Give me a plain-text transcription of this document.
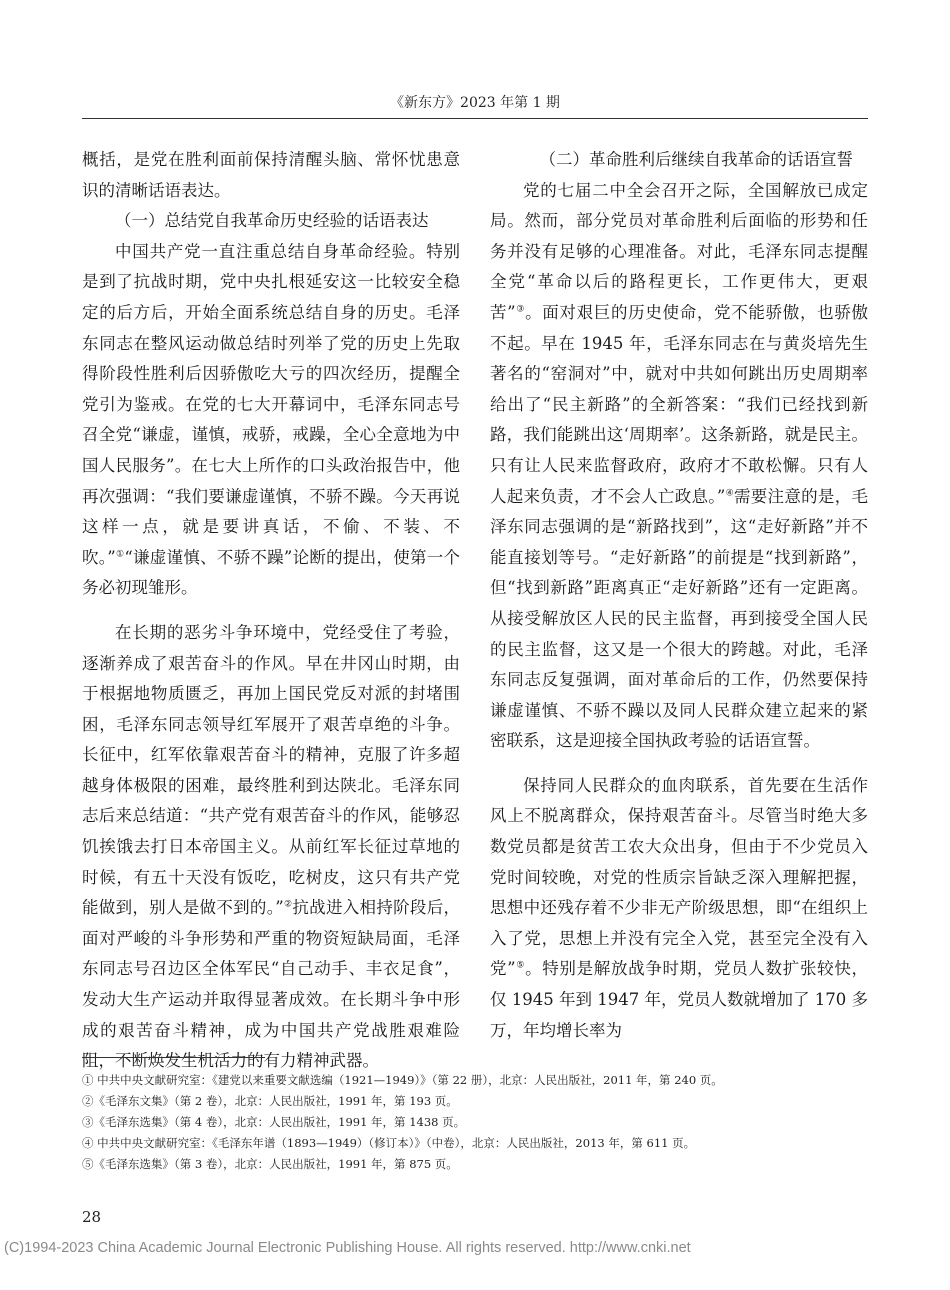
《新东方》2023 年第 1 期

概括，是党在胜利面前保持清醒头脑、常怀忧患意识的清晰话语表达。

（一）总结党自我革命历史经验的话语表达

中国共产党一直注重总结自身革命经验。特别是到了抗战时期，党中央扎根延安这一比较安全稳定的后方后，开始全面系统总结自身的历史。毛泽东同志在整风运动做总结时列举了党的历史上先取得阶段性胜利后因骄傲吃大亏的四次经历，提醒全党引为鉴戒。在党的七大开幕词中，毛泽东同志号召全党“谦虚，谨慎，戒骄，戒躁，全心全意地为中国人民服务”。在七大上所作的口头政治报告中，他再次强调：“我们要谦虚谨慎，不骄不躁。今天再说这样一点，就是要讲真话，不偷、不装、不吹。”①“谦虚谨慎、不骄不躁”论断的提出，使第一个务必初现雏形。

在长期的恶劣斗争环境中，党经受住了考验，逐渐养成了艰苦奋斗的作风。早在井冈山时期，由于根据地物质匮乏，再加上国民党反对派的封堵围困，毛泽东同志领导红军展开了艰苦卓绝的斗争。长征中，红军依靠艰苦奋斗的精神，克服了许多超越身体极限的困难，最终胜利到达陕北。毛泽东同志后来总结道：“共产党有艰苦奋斗的作风，能够忍饥挨饿去打日本帝国主义。从前红军长征过草地的时候，有五十天没有饭吃，吃树皮，这只有共产党能做到，别人是做不到的。”②抗战进入相持阶段后，面对严峻的斗争形势和严重的物资短缺局面，毛泽东同志号召边区全体军民“自己动手、丰衣足食”，发动大生产运动并取得显著成效。在长期斗争中形成的艰苦奋斗精神，成为中国共产党战胜艰难险阻，不断焕发生机活力的有力精神武器。

（二）革命胜利后继续自我革命的话语宣誓

党的七届二中全会召开之际，全国解放已成定局。然而，部分党员对革命胜利后面临的形势和任务并没有足够的心理准备。对此，毛泽东同志提醒全党“革命以后的路程更长，工作更伟大，更艰苦”③。面对艰巨的历史使命，党不能骄傲，也骄傲不起。早在 1945 年，毛泽东同志在与黄炎培先生著名的“窑洞对”中，就对中共如何跳出历史周期率给出了“民主新路”的全新答案：“我们已经找到新路，我们能跳出这‘周期率’。这条新路，就是民主。只有让人民来监督政府，政府才不敢松懈。只有人人起来负责，才不会人亡政息。”④需要注意的是，毛泽东同志强调的是“新路找到”，这“走好新路”并不能直接划等号。“走好新路”的前提是“找到新路”，但“找到新路”距离真正“走好新路”还有一定距离。从接受解放区人民的民主监督，再到接受全国人民的民主监督，这又是一个很大的跨越。对此，毛泽东同志反复强调，面对革命后的工作，仍然要保持谦虚谨慎、不骄不躁以及同人民群众建立起来的紧密联系，这是迎接全国执政考验的话语宣誓。

保持同人民群众的血肉联系，首先要在生活作风上不脱离群众，保持艰苦奋斗。尽管当时绝大多数党员都是贫苦工农大众出身，但由于不少党员入党时间较晚，对党的性质宗旨缺乏深入理解把握，思想中还残存着不少非无产阶级思想，即“在组织上入了党，思想上并没有完全入党，甚至完全没有入党”⑤。特别是解放战争时期，党员人数扩张较快，仅 1945 年到 1947 年，党员人数就增加了 170 多万，年均增长率为

① 中共中央文献研究室：《建党以来重要文献选编（1921—1949）》（第 22 册），北京：人民出版社，2011 年，第 240 页。
②《毛泽东文集》（第 2 卷），北京：人民出版社，1991 年，第 193 页。
③《毛泽东选集》（第 4 卷），北京：人民出版社，1991 年，第 1438 页。
④ 中共中央文献研究室：《毛泽东年谱（1893—1949）（修订本）》（中卷），北京：人民出版社，2013 年，第 611 页。
⑤《毛泽东选集》（第 3 卷），北京：人民出版社，1991 年，第 875 页。
28
(C)1994-2023 China Academic Journal Electronic Publishing House. All rights reserved. http://www.cnki.net
